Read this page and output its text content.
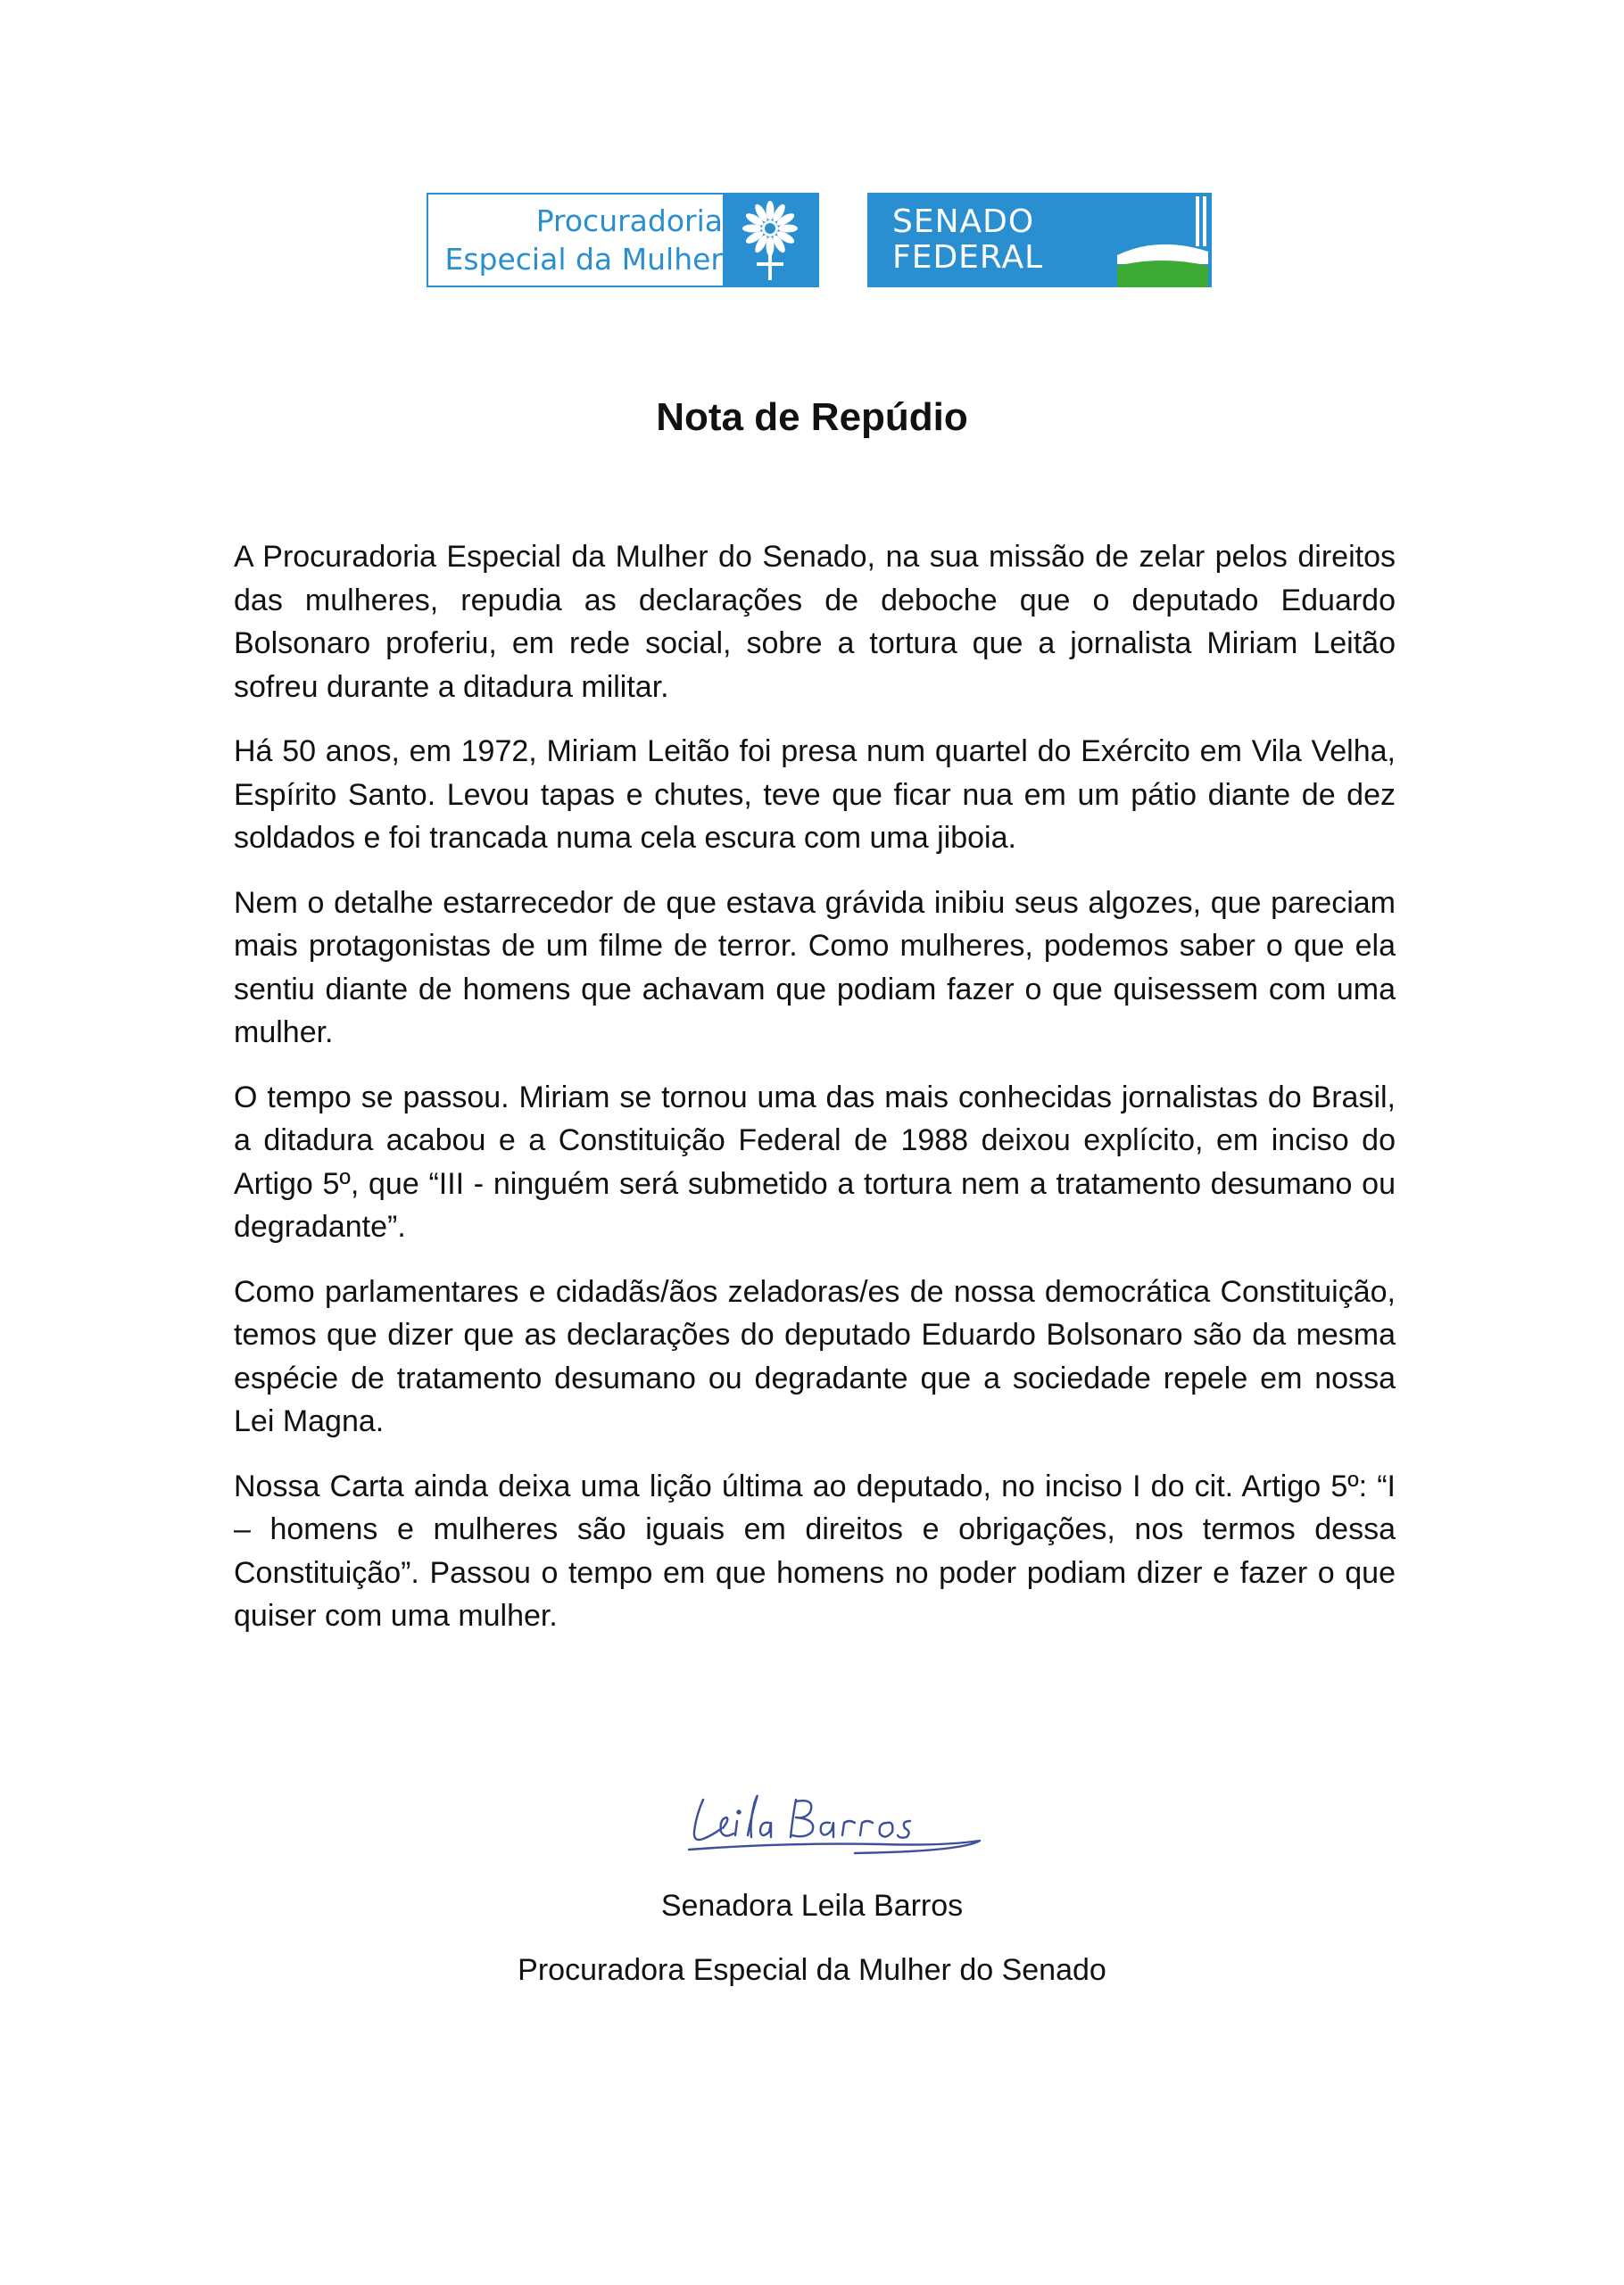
Procuradoria
Especial da Mulher
SENADO
FEDERAL
Nota de Repúdio

A Procuradoria Especial da Mulher do Senado, na sua missão de zelar pelos direitos das mulheres, repudia as declarações de deboche que o deputado Eduardo Bolsonaro proferiu, em rede social, sobre a tortura que a jornalista Miriam Leitão sofreu durante a ditadura militar.

Há 50 anos, em 1972, Miriam Leitão foi presa num quartel do Exército em Vila Velha, Espírito Santo. Levou tapas e chutes, teve que ficar nua em um pátio diante de dez soldados e foi trancada numa cela escura com uma jiboia.

Nem o detalhe estarrecedor de que estava grávida inibiu seus algozes, que pareciam mais protagonistas de um filme de terror. Como mulheres, podemos saber o que ela sentiu diante de homens que achavam que podiam fazer o que quisessem com uma mulher.

O tempo se passou. Miriam se tornou uma das mais conhecidas jornalistas do Brasil, a ditadura acabou e a Constituição Federal de 1988 deixou explícito, em inciso do Artigo 5º, que “III - ninguém será submetido a tortura nem a tratamento desumano ou degradante”.

Como parlamentares e cidadãs/ãos zeladoras/es de nossa democrática Constituição, temos que dizer que as declarações do deputado Eduardo Bolsonaro são da mesma espécie de tratamento desumano ou degradante que a sociedade repele em nossa Lei Magna.

Nossa Carta ainda deixa uma lição última ao deputado, no inciso I do cit. Artigo 5º: “I – homens e mulheres são iguais em direitos e obrigações, nos termos dessa Constituição”. Passou o tempo em que homens no poder podiam dizer e fazer o que quiser com uma mulher.

Senadora Leila Barros
Procuradora Especial da Mulher do Senado
